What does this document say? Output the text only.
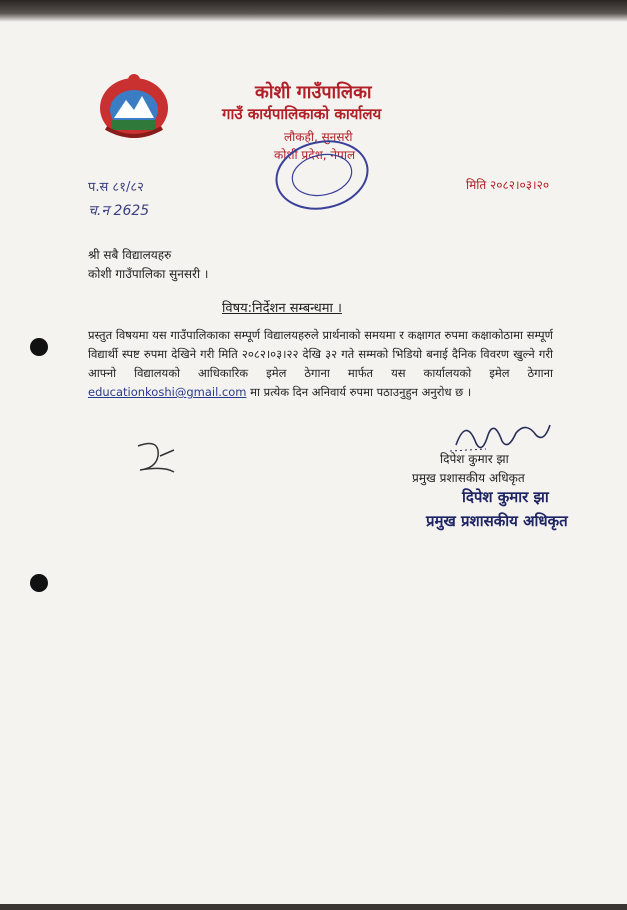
कोशी गाउँपालिका
गाउँ कार्यपालिकाको कार्यालय
लौकही, सुनसरी
कोशी प्रदेश, नेपाल
प.स ८१/८२
च.न 2625
मिति २०८२।०३।२०
श्री सबै विद्यालयहरु
कोशी गाउँपालिका सुनसरी ।
विषय:निर्देशन सम्बन्धमा ।
प्रस्तुत विषयमा यस गाउँपालिकाका सम्पूर्ण विद्यालयहरुले प्रार्थनाको समयमा र कक्षागत रुपमा कक्षाकोठामा सम्पूर्ण विद्यार्थी स्पष्ट रुपमा देखिने गरी मिति २०८२।०३।२२ देखि ३२ गते सम्मको भिडियो बनाई दैनिक विवरण खुल्ने गरी आफ्नो विद्यालयको आधिकारिक इमेल ठेगाना मार्फत यस कार्यालयको इमेल ठेगाना educationkoshi@gmail.com मा प्रत्येक दिन अनिवार्य रुपमा पठाउनुहुन अनुरोध छ ।
दिपेश कुमार झा
प्रमुख प्रशासकीय अधिकृत
दिपेश कुमार झा
प्रमुख प्रशासकीय अधिकृत
